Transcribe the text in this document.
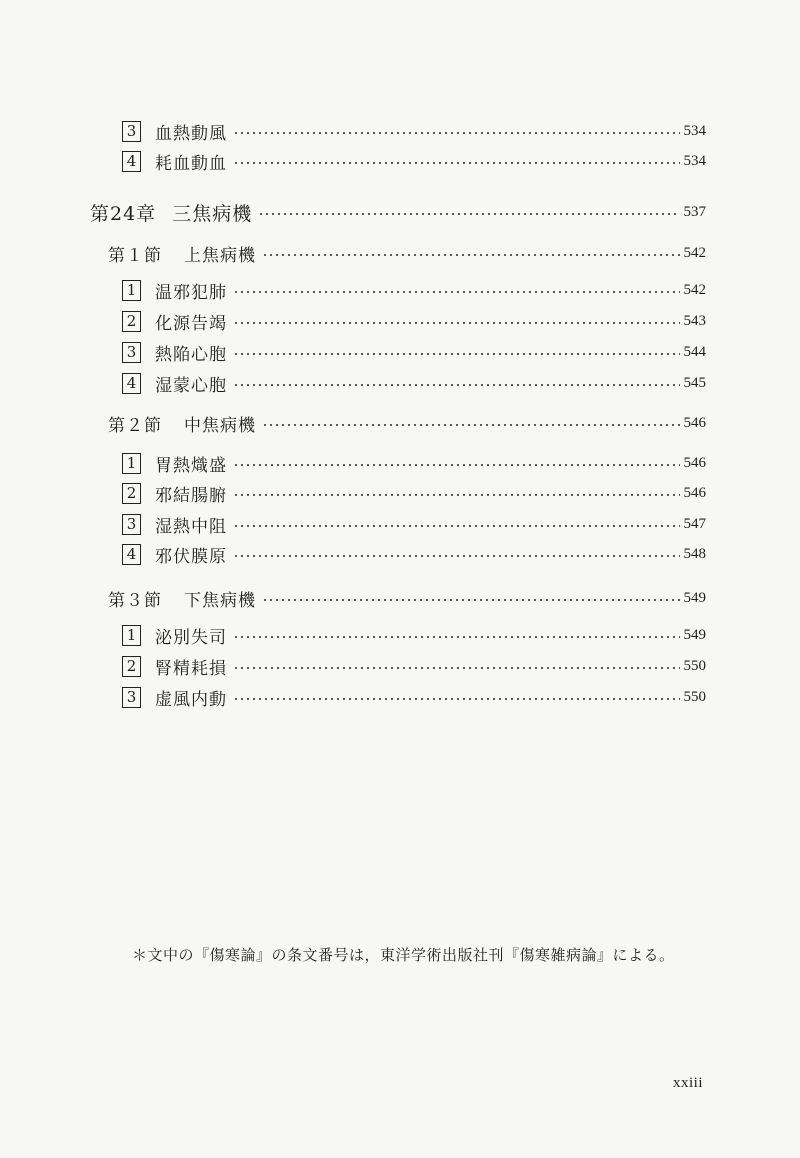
3 血熱動風	534
4 耗血動血	534
第24章 三焦病機	537
第１節 上焦病機	542
1 温邪犯肺	542
2 化源告竭	543
3 熱陥心胞	544
4 湿蒙心胞	545
第２節 中焦病機	546
1 胃熱熾盛	546
2 邪結腸腑	546
3 湿熱中阻	547
4 邪伏膜原	548
第３節 下焦病機	549
1 泌別失司	549
2 腎精耗損	550
3 虚風内動	550
＊文中の『傷寒論』の条文番号は，東洋学術出版社刊『傷寒雑病論』による。
xxiii
